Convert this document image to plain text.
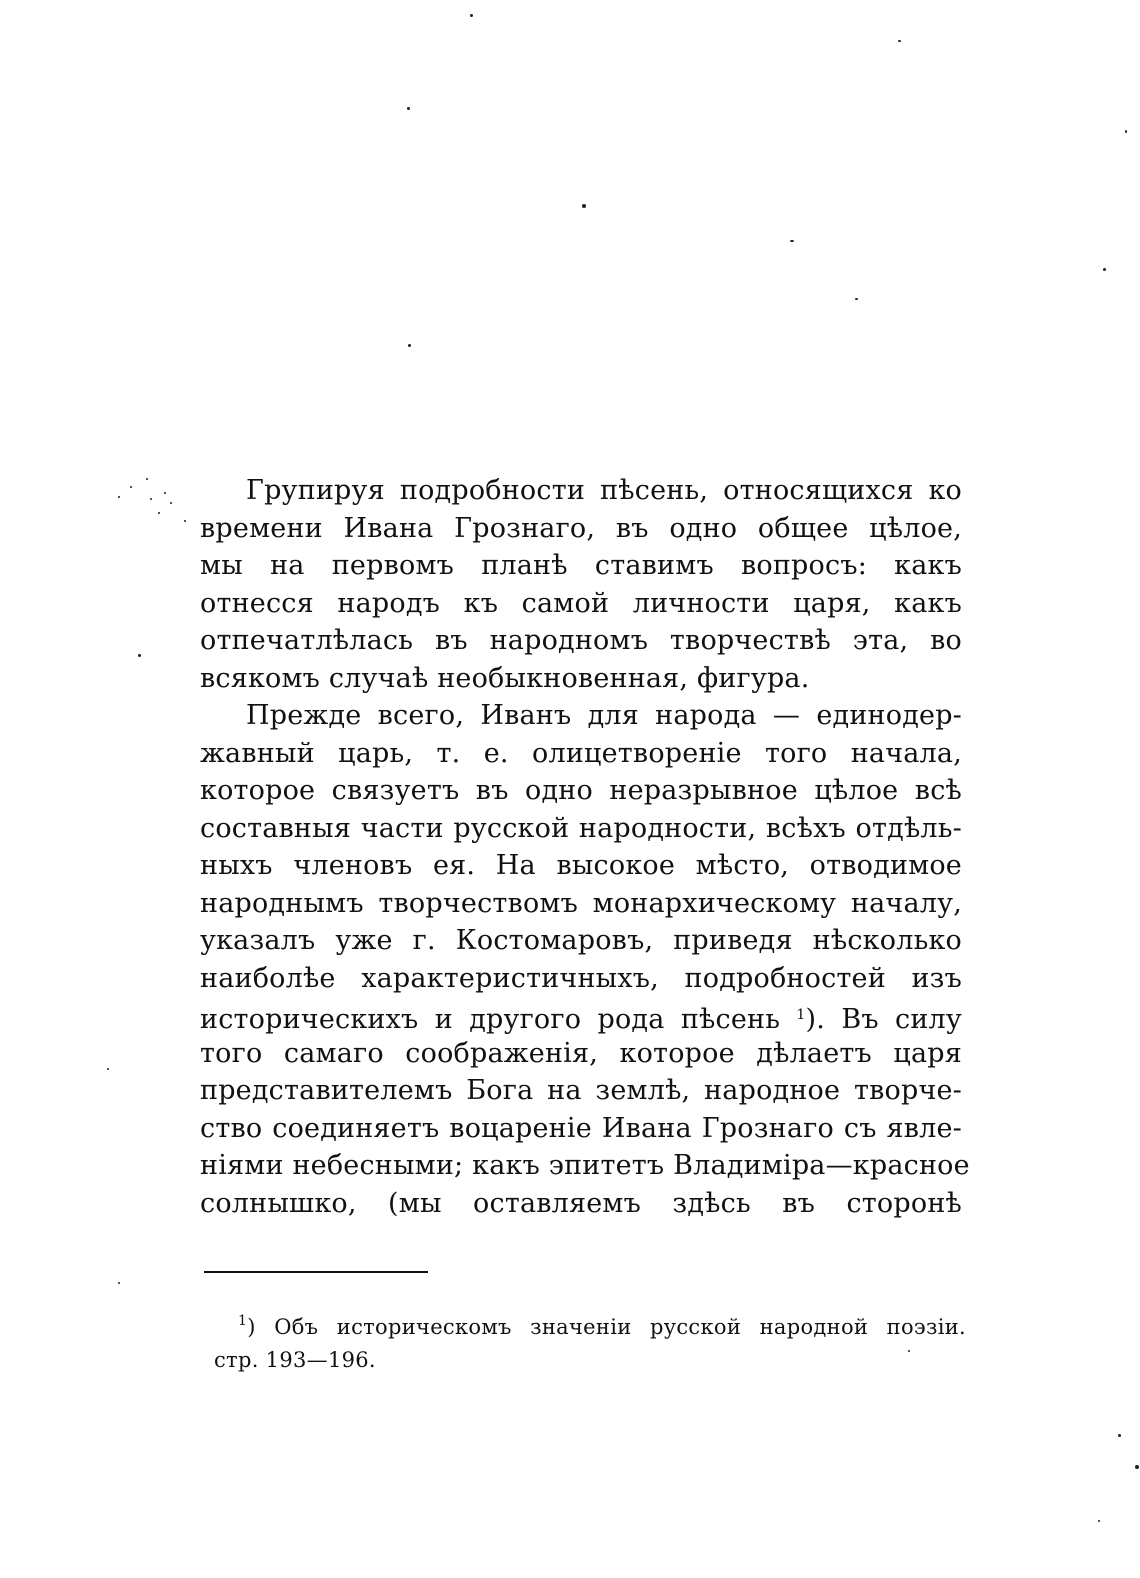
Групируя подробности пѣсень, относящихся ко
времени Ивана Грознаго, въ одно общее цѣлое,
мы на первомъ планѣ ставимъ вопросъ: какъ
отнесся народъ къ самой личности царя, какъ
отпечатлѣлась въ народномъ творчествѣ эта, во
всякомъ случаѣ необыкновенная, фигура.
Прежде всего, Иванъ для народа — единодер-
жавный царь, т. е. олицетвореніе того начала,
которое связуетъ въ одно неразрывное цѣлое всѣ
составныя части русской народности, всѣхъ отдѣль-
ныхъ членовъ ея. На высокое мѣсто, отводимое
народнымъ творчествомъ монархическому началу,
указалъ уже г. Костомаровъ, приведя нѣсколько
наиболѣе характеристичныхъ, подробностей изъ
историческихъ и другого рода пѣсень $^1$). Въ силу
того самаго соображенія, которое дѣлаетъ царя
представителемъ Бога на землѣ, народное творче-
ство соединяетъ воцареніе Ивана Грознаго съ явле-
ніями небесными; какъ эпитетъ Владиміра—красное
солнышко, (мы оставляемъ здѣсь въ сторонѣ
$^1$) Объ историческомъ значеніи русской народной поэзіи.
стр. 193—196.
